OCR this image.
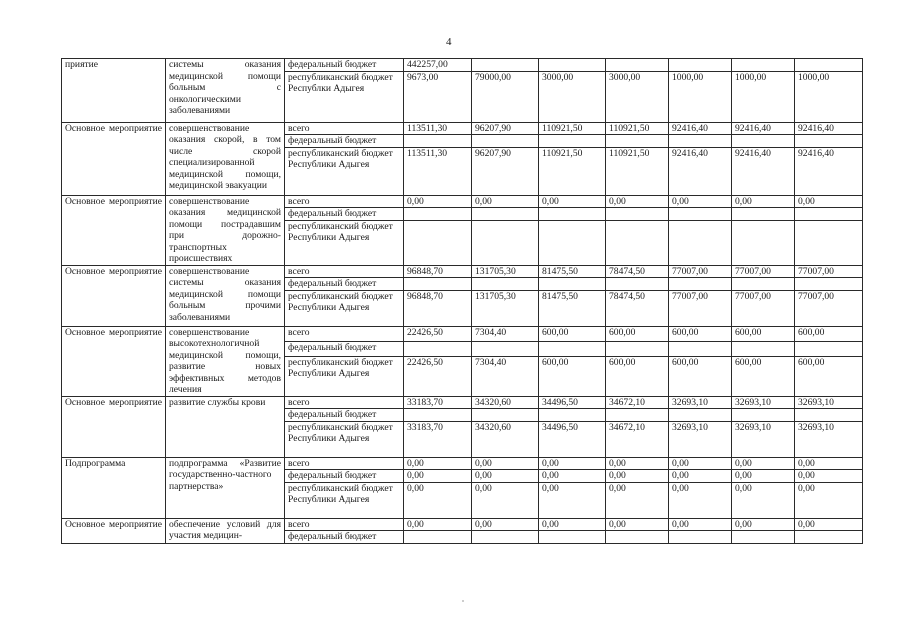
4
приятие	системы оказания медицинской помощи больным с онкологическими заболеваниями	федеральный бюджет	442257,00						
		республиканский бюджет Республки Адыгея	9673,00	79000,00	3000,00	3000,00	1000,00	1000,00	1000,00
Основное мероприятие	совершенствование оказания скорой, в том числе скорой специализированной медицинской помощи, медицинской эвакуации	всего	113511,30	96207,90	110921,50	110921,50	92416,40	92416,40	92416,40
		федеральный бюджет							
		республиканский бюджет Республики Адыгея	113511,30	96207,90	110921,50	110921,50	92416,40	92416,40	92416,40
Основное мероприятие	совершенствование оказания медицинской помощи пострадавшим при дорожно-транспортных происшествиях	всего	0,00	0,00	0,00	0,00	0,00	0,00	0,00
		федеральный бюджет							
		республиканский бюджет Республики Адыгея							
Основное мероприятие	совершенствование системы оказания медицинской помощи больным прочими заболеваниями	всего	96848,70	131705,30	81475,50	78474,50	77007,00	77007,00	77007,00
		федеральный бюджет							
		республиканский бюджет Республики Адыгея	96848,70	131705,30	81475,50	78474,50	77007,00	77007,00	77007,00
Основное мероприятие	совершенствование высокотехнологичной медицинской помощи, развитие новых эффективных методов лечения	всего	22426,50	7304,40	600,00	600,00	600,00	600,00	600,00
		федеральный бюджет							
		республиканский бюджет Республики Адыгея	22426,50	7304,40	600,00	600,00	600,00	600,00	600,00
Основное мероприятие	развитие службы крови	всего	33183,70	34320,60	34496,50	34672,10	32693,10	32693,10	32693,10
		федеральный бюджет							
		республиканский бюджет Республики Адыгея	33183,70	34320,60	34496,50	34672,10	32693,10	32693,10	32693,10
Подпрограмма	подпрограмма «Развитие государственно-частного партнерства»	всего	0,00	0,00	0,00	0,00	0,00	0,00	0,00
		федеральный бюджет	0,00	0,00	0,00	0,00	0,00	0,00	0,00
		республиканский бюджет Республики Адыгея	0,00	0,00	0,00	0,00	0,00	0,00	0,00
Основное мероприятие	обеспечение условий для участия медицин-	всего	0,00	0,00	0,00	0,00	0,00	0,00	0,00
		федеральный бюджет							
